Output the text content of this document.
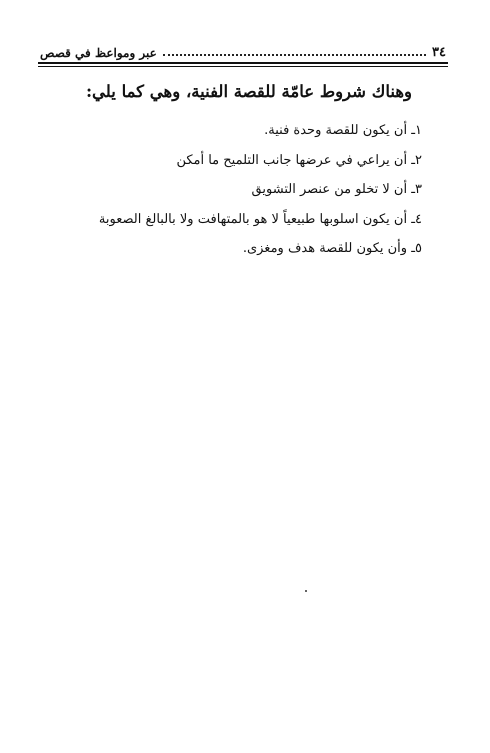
٣٤
عبر ومواعظ في قصص
وهناك شروط عامّة للقصة الفنية، وهي كما يلي:
١ـ أن يكون للقصة وحدة فنية.
٢ـ أن يراعي في عرضها جانب التلميح ما أمكن
٣ـ أن لا تخلو من عنصر التشويق
٤ـ أن يكون اسلوبها طبيعياً لا هو بالمتهافت ولا بالبالغ الصعوبة
٥ـ وأن يكون للقصة هدف ومغزى.
